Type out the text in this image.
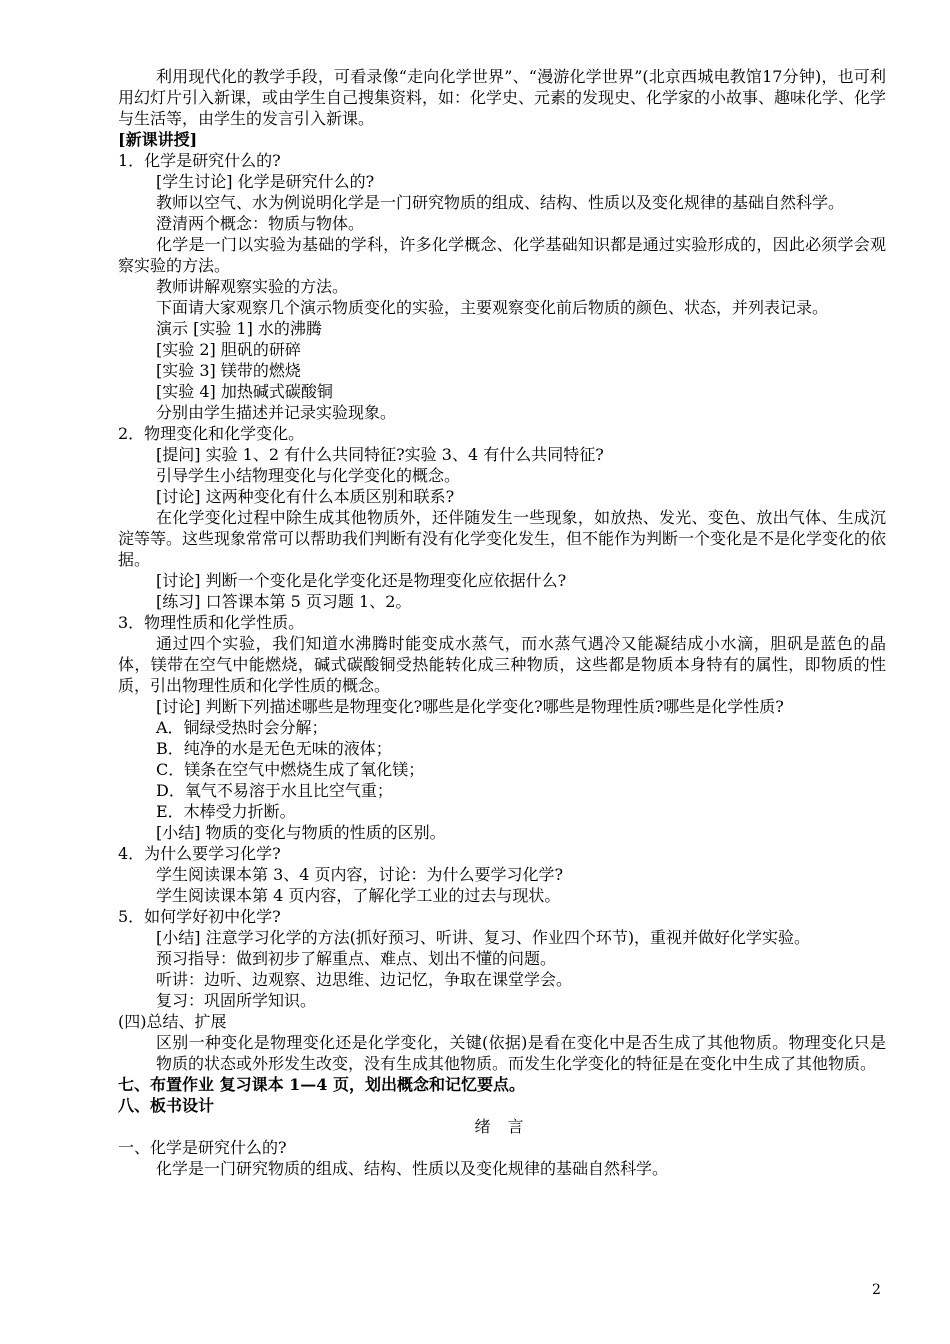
利用现代化的教学手段，可看录像“走向化学世界”、“漫游化学世界”(北京西城电教馆17分钟)，也可利用幻灯片引入新课，或由学生自己搜集资料，如：化学史、元素的发现史、化学家的小故事、趣味化学、化学与生活等，由学生的发言引入新课。

[新课讲授]

1．化学是研究什么的?

[学生讨论] 化学是研究什么的?

教师以空气、水为例说明化学是一门研究物质的组成、结构、性质以及变化规律的基础自然科学。

澄清两个概念：物质与物体。

化学是一门以实验为基础的学科，许多化学概念、化学基础知识都是通过实验形成的，因此必须学会观察实验的方法。

教师讲解观察实验的方法。

下面请大家观察几个演示物质变化的实验，主要观察变化前后物质的颜色、状态，并列表记录。

演示 [实验 1] 水的沸腾

[实验 2] 胆矾的研碎

[实验 3] 镁带的燃烧

[实验 4] 加热碱式碳酸铜

分别由学生描述并记录实验现象。

2．物理变化和化学变化。

[提问] 实验 1、2 有什么共同特征?实验 3、4 有什么共同特征?

引导学生小结物理变化与化学变化的概念。

[讨论] 这两种变化有什么本质区别和联系?

在化学变化过程中除生成其他物质外，还伴随发生一些现象，如放热、发光、变色、放出气体、生成沉淀等等。这些现象常常可以帮助我们判断有没有化学变化发生，但不能作为判断一个变化是不是化学变化的依据。

[讨论] 判断一个变化是化学变化还是物理变化应依据什么?

[练习] 口答课本第 5 页习题 1、2。

3．物理性质和化学性质。

通过四个实验，我们知道水沸腾时能变成水蒸气，而水蒸气遇冷又能凝结成小水滴，胆矾是蓝色的晶体，镁带在空气中能燃烧，碱式碳酸铜受热能转化成三种物质，这些都是物质本身特有的属性，即物质的性质，引出物理性质和化学性质的概念。

[讨论] 判断下列描述哪些是物理变化?哪些是化学变化?哪些是物理性质?哪些是化学性质?

A．铜绿受热时会分解；

B．纯净的水是无色无味的液体；

C．镁条在空气中燃烧生成了氧化镁；

D．氧气不易溶于水且比空气重；

E．木棒受力折断。

[小结] 物质的变化与物质的性质的区别。

4．为什么要学习化学?

学生阅读课本第 3、4 页内容，讨论：为什么要学习化学?

学生阅读课本第 4 页内容，了解化学工业的过去与现状。

5．如何学好初中化学?

[小结] 注意学习化学的方法(抓好预习、听讲、复习、作业四个环节)，重视并做好化学实验。

预习指导：做到初步了解重点、难点、划出不懂的问题。

听讲：边听、边观察、边思维、边记忆，争取在课堂学会。

复习：巩固所学知识。

(四)总结、扩展

区别一种变化是物理变化还是化学变化，关键(依据)是看在变化中是否生成了其他物质。物理变化只是物质的状态或外形发生改变，没有生成其他物质。而发生化学变化的特征是在变化中生成了其他物质。

七、布置作业 复习课本 1—4 页，划出概念和记忆要点。

八、板书设计

绪 言

一、化学是研究什么的?

化学是一门研究物质的组成、结构、性质以及变化规律的基础自然科学。

2
